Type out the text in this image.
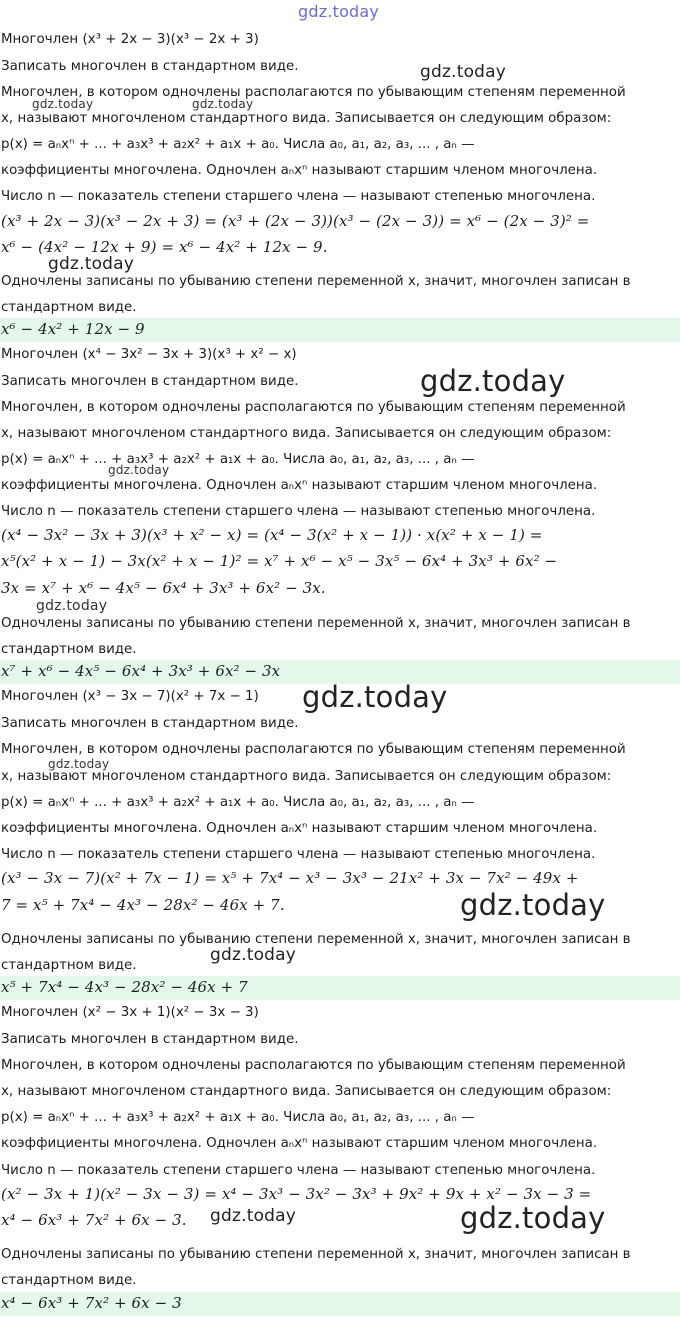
gdz.today
Многочлен (x³ + 2x − 3)(x³ − 2x + 3)
Записать многочлен в стандартном виде.
Многочлен, в котором одночлены располагаются по убывающим степеням переменной
x, называют многочленом стандартного вида. Записывается он следующим образом:
p(x) = aₙxⁿ + ... + a₃x³ + a₂x² + a₁x + a₀. Числа a₀, a₁, a₂, a₃, ... , aₙ —
коэффициенты многочлена. Одночлен aₙxⁿ называют старшим членом многочлена.
Число n — показатель степени старшего члена — называют степенью многочлена.
(x³ + 2x − 3)(x³ − 2x + 3) = (x³ + (2x − 3))(x³ − (2x − 3)) = x⁶ − (2x − 3)² =
x⁶ − (4x² − 12x + 9) = x⁶ − 4x² + 12x − 9.
Одночлены записаны по убыванию степени переменной x, значит, многочлен записан в
стандартном виде.
x⁶ − 4x² + 12x − 9
Многочлен (x⁴ − 3x² − 3x + 3)(x³ + x² − x)
Записать многочлен в стандартном виде.
Многочлен, в котором одночлены располагаются по убывающим степеням переменной
x, называют многочленом стандартного вида. Записывается он следующим образом:
p(x) = aₙxⁿ + ... + a₃x³ + a₂x² + a₁x + a₀. Числа a₀, a₁, a₂, a₃, ... , aₙ —
коэффициенты многочлена. Одночлен aₙxⁿ называют старшим членом многочлена.
Число n — показатель степени старшего члена — называют степенью многочлена.
(x⁴ − 3x² − 3x + 3)(x³ + x² − x) = (x⁴ − 3(x² + x − 1)) · x(x² + x − 1) =
x⁵(x² + x − 1) − 3x(x² + x − 1)² = x⁷ + x⁶ − x⁵ − 3x⁵ − 6x⁴ + 3x³ + 6x² −
3x = x⁷ + x⁶ − 4x⁵ − 6x⁴ + 3x³ + 6x² − 3x.
Одночлены записаны по убыванию степени переменной x, значит, многочлен записан в
стандартном виде.
x⁷ + x⁶ − 4x⁵ − 6x⁴ + 3x³ + 6x² − 3x
Многочлен (x³ − 3x − 7)(x² + 7x − 1)
Записать многочлен в стандартном виде.
Многочлен, в котором одночлены располагаются по убывающим степеням переменной
x, называют многочленом стандартного вида. Записывается он следующим образом:
p(x) = aₙxⁿ + ... + a₃x³ + a₂x² + a₁x + a₀. Числа a₀, a₁, a₂, a₃, ... , aₙ —
коэффициенты многочлена. Одночлен aₙxⁿ называют старшим членом многочлена.
Число n — показатель степени старшего члена — называют степенью многочлена.
(x³ − 3x − 7)(x² + 7x − 1) = x⁵ + 7x⁴ − x³ − 3x³ − 21x² + 3x − 7x² − 49x +
7 = x⁵ + 7x⁴ − 4x³ − 28x² − 46x + 7.
Одночлены записаны по убыванию степени переменной x, значит, многочлен записан в
стандартном виде.
x⁵ + 7x⁴ − 4x³ − 28x² − 46x + 7
Многочлен (x² − 3x + 1)(x² − 3x − 3)
Записать многочлен в стандартном виде.
Многочлен, в котором одночлены располагаются по убывающим степеням переменной
x, называют многочленом стандартного вида. Записывается он следующим образом:
p(x) = aₙxⁿ + ... + a₃x³ + a₂x² + a₁x + a₀. Числа a₀, a₁, a₂, a₃, ... , aₙ —
коэффициенты многочлена. Одночлен aₙxⁿ называют старшим членом многочлена.
Число n — показатель степени старшего члена — называют степенью многочлена.
(x² − 3x + 1)(x² − 3x − 3) = x⁴ − 3x³ − 3x² − 3x³ + 9x² + 9x + x² − 3x − 3 =
x⁴ − 6x³ + 7x² + 6x − 3.
Одночлены записаны по убыванию степени переменной x, значит, многочлен записан в
стандартном виде.
x⁴ − 6x³ + 7x² + 6x − 3
gdz.today
gdz.today	gdz.today
gdz.today
gdz.today
gdz.today
gdz.today
gdz.today
gdz.today
gdz.today
gdz.today
gdz.today	gdz.today
